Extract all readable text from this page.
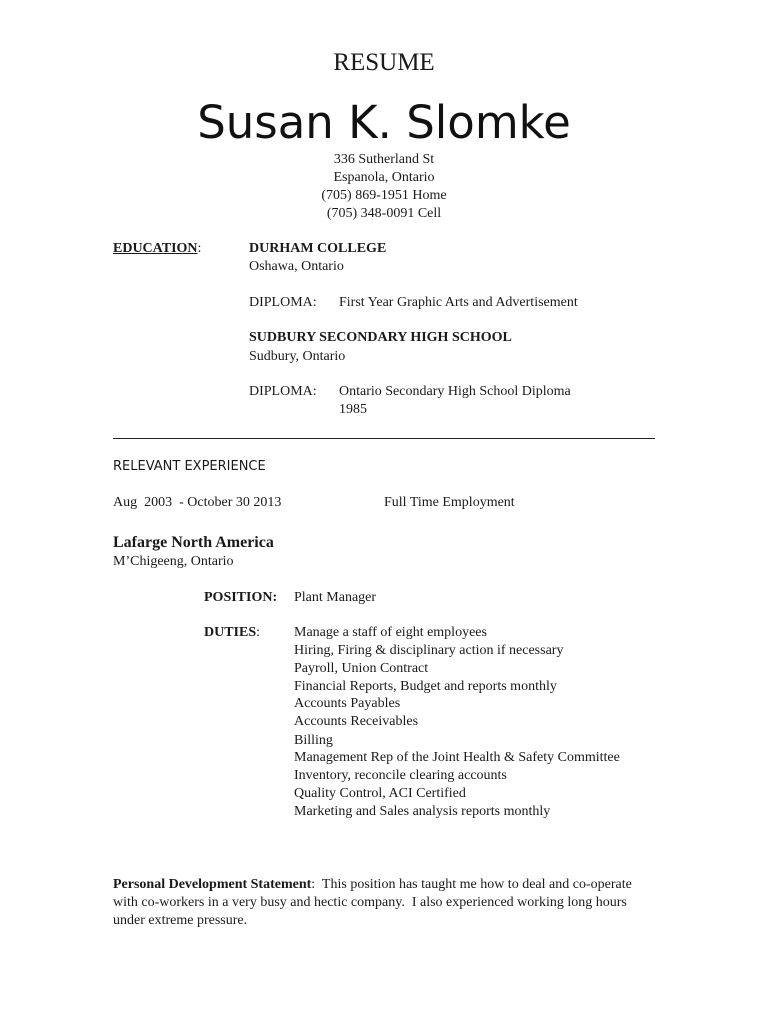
RESUME
Susan K. Slomke
336 Sutherland St
Espanola, Ontario
(705) 869-1951 Home
(705) 348-0091 Cell
EDUCATION:	DURHAM COLLEGE
Oshawa, Ontario
DIPLOMA: First Year Graphic Arts and Advertisement
SUDBURY SECONDARY HIGH SCHOOL
Sudbury, Ontario
DIPLOMA: Ontario Secondary High School Diploma
1985
RELEVANT EXPERIENCE
Aug  2003  - October 30 2013	Full Time Employment
Lafarge North America
M’Chigeeng, Ontario
POSITION: Plant Manager
DUTIES: Manage a staff of eight employees
Hiring, Firing & disciplinary action if necessary
Payroll, Union Contract
Financial Reports, Budget and reports monthly
Accounts Payables
Accounts Receivables
Billing
Management Rep of the Joint Health & Safety Committee
Inventory, reconcile clearing accounts
Quality Control, ACI Certified
Marketing and Sales analysis reports monthly
Personal Development Statement:  This position has taught me how to deal and co-operate with co-workers in a very busy and hectic company.  I also experienced working long hours under extreme pressure.
